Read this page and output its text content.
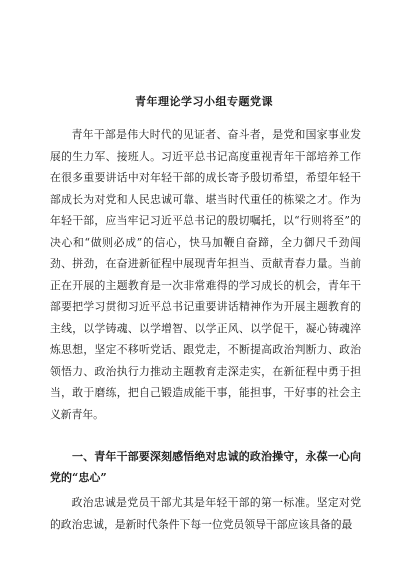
青年理论学习小组专题党课

青年干部是伟大时代的见证者、奋斗者，是党和国家事业发展的生力军、接班人。习近平总书记高度重视青年干部培养工作在很多重要讲话中对年轻干部的成长寄予殷切希望，希望年轻干部成长为对党和人民忠诚可靠、堪当时代重任的栋梁之才。作为年轻干部，应当牢记习近平总书记的殷切嘱托，以“行则将至”的决心和“做则必成”的信心，快马加鞭自奋蹄，全力御尺千劲闯劲、拼劲，在奋进新征程中展现青年担当、贡献青春力量。当前正在开展的主题教育是一次非常难得的学习成长的机会，青年干部要把学习贯彻习近平总书记重要讲话精神作为开展主题教育的主线，以学铸魂、以学增智、以学正风、以学促干，凝心铸魂淬炼思想，坚定不移听党话、跟党走，不断提高政治判断力、政治领悟力、政治执行力推动主题教育走深走实，在新征程中勇于担当，敢于磨练，把自己锻造成能干事，能担事，干好事的社会主义新青年。

一、青年干部要深刻感悟绝对忠诚的政治操守，永葆一心向党的“忠心”

政治忠诚是党员干部尤其是年轻干部的第一标准。坚定对党的政治忠诚，是新时代条件下每一位党员领导干部应该具备的最
